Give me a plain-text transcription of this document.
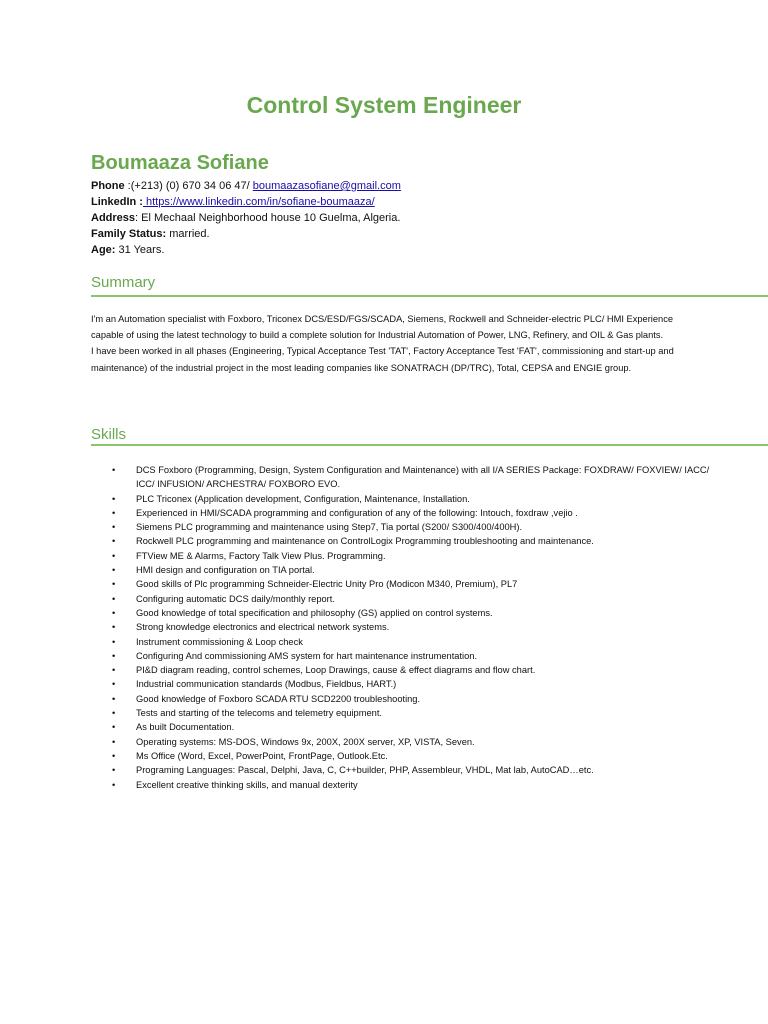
Control System Engineer
Boumaaza Sofiane
Phone :(+213) (0) 670 34 06 47/ boumaazasofiane@gmail.com
LinkedIn : https://www.linkedin.com/in/sofiane-boumaaza/
Address: El Mechaal Neighborhood house 10 Guelma, Algeria.
Family Status: married.
Age: 31 Years.
Summary

I'm an Automation specialist with Foxboro, Triconex DCS/ESD/FGS/SCADA, Siemens, Rockwell and Schneider-electric PLC/ HMI Experience capable of using the latest technology to build a complete solution for Industrial Automation of Power, LNG, Refinery, and OIL & Gas plants.

I have been worked in all phases (Engineering, Typical Acceptance Test 'TAT', Factory Acceptance Test 'FAT', commissioning and start-up and maintenance) of the industrial project in the most leading companies like SONATRACH (DP/TRC), Total, CEPSA and ENGIE group.

Skills
• DCS Foxboro (Programming, Design, System Configuration and Maintenance) with all I/A SERIES Package: FOXDRAW/ FOXVIEW/ IACC/ ICC/ INFUSION/ ARCHESTRA/ FOXBORO EVO.
• PLC Triconex (Application development, Configuration, Maintenance, Installation.
• Experienced in HMI/SCADA programming and configuration of any of the following: Intouch, foxdraw ,vejio .
• Siemens PLC programming and maintenance using Step7, Tia portal (S200/ S300/400/400H).
• Rockwell PLC programming and maintenance on ControlLogix Programming troubleshooting and maintenance.
• FTView ME & Alarms, Factory Talk View Plus. Programming.
• HMI design and configuration on TIA portal.
• Good skills of Plc programming Schneider-Electric Unity Pro (Modicon M340, Premium), PL7
• Configuring automatic DCS daily/monthly report.
• Good knowledge of total specification and philosophy (GS) applied on control systems.
• Strong knowledge electronics and electrical network systems.
• Instrument commissioning & Loop check
• Configuring And commissioning AMS system for hart maintenance instrumentation.
• PI&D diagram reading, control schemes, Loop Drawings, cause & effect diagrams and flow chart.
• Industrial communication standards (Modbus, Fieldbus, HART.)
• Good knowledge of Foxboro SCADA RTU SCD2200 troubleshooting.
• Tests and starting of the telecoms and telemetry equipment.
• As built Documentation.
• Operating systems: MS-DOS, Windows 9x, 200X, 200X server, XP, VISTA, Seven.
• Ms Office (Word, Excel, PowerPoint, FrontPage, Outlook.Etc.
• Programing Languages: Pascal, Delphi, Java, C, C++builder, PHP, Assembleur, VHDL, Mat lab, AutoCAD…etc.
• Excellent creative thinking skills, and manual dexterity
